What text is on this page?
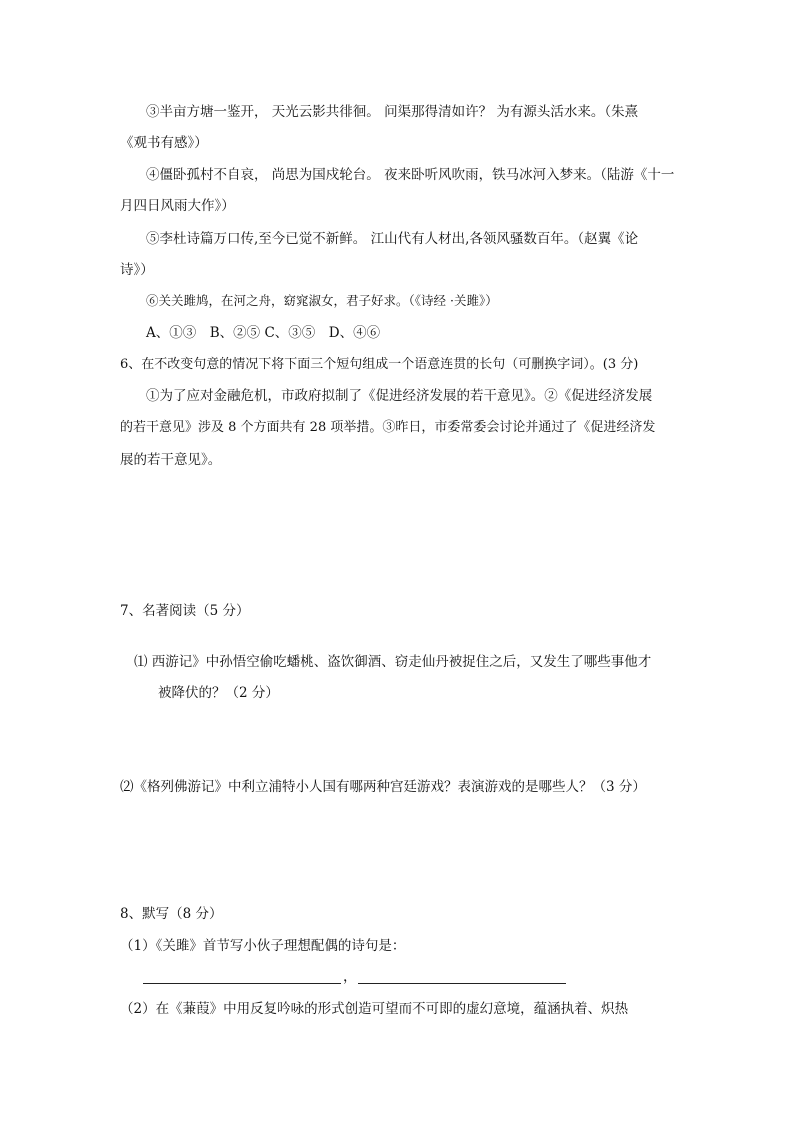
③半亩方塘一鉴开， 天光云影共徘徊。 问渠那得清如许？ 为有源头活水来。（朱熹
《观书有感》）
④僵卧孤村不自哀， 尚思为国戍轮台。 夜来卧听风吹雨，铁马冰河入梦来。（陆游《十一
月四日风雨大作》）
⑤李杜诗篇万口传,至今已觉不新鲜。 江山代有人材出,各领风骚数百年。（赵翼《论
诗》）
⑥关关雎鸠，在河之舟，窈窕淑女，君子好求。（《诗经 ·关雎》）
A、①③　B、②⑤ C、③⑤　D、④⑥
6、在不改变句意的情况下将下面三个短句组成一个语意连贯的长句（可删换字词）。(3 分)
①为了应对金融危机，市政府拟制了《促进经济发展的若干意见》。②《促进经济发展
的若干意见》涉及 8 个方面共有 28 项举措。③昨日，市委常委会讨论并通过了《促进经济发
展的若干意见》。
7、名著阅读（5 分）
⑴ 西游记》中孙悟空偷吃蟠桃、盗饮御酒、窃走仙丹被捉住之后，又发生了哪些事他才
被降伏的？（2 分）
⑵《格列佛游记》中利立浦特小人国有哪两种宫廷游戏？表演游戏的是哪些人？（3 分）
8、默写（8 分）
（1）《关雎》首节写小伙子理想配偶的诗句是：
，
（2）在《蒹葭》中用反复吟咏的形式创造可望而不可即的虚幻意境，蕴涵执着、炽热
